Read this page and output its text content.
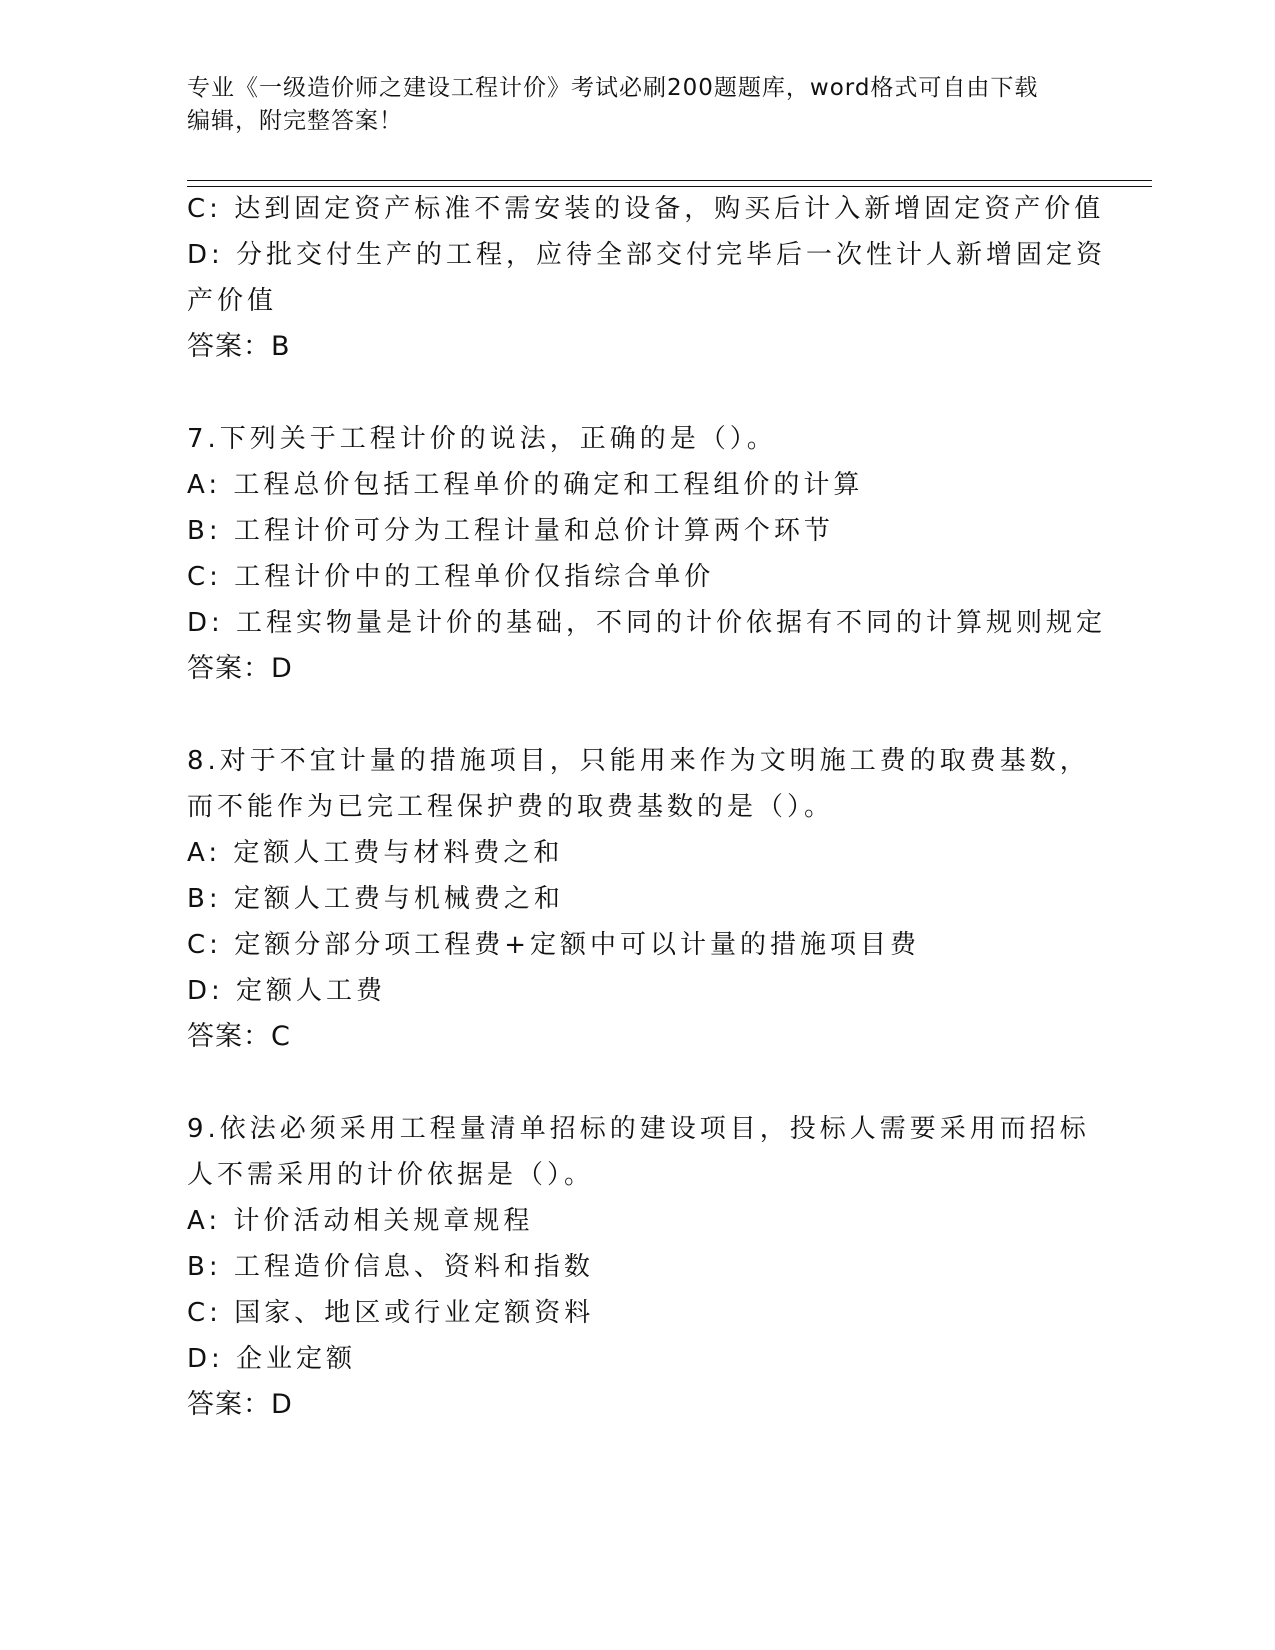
专业《一级造价师之建设工程计价》考试必刷200题题库，word格式可自由下载
编辑，附完整答案！
C: 达到固定资产标准不需安装的设备，购买后计入新增固定资产价值
D: 分批交付生产的工程，应待全部交付完毕后一次性计人新增固定资
产价值
答案：B
7.下列关于工程计价的说法，正确的是（）。
A: 工程总价包括工程单价的确定和工程组价的计算
B: 工程计价可分为工程计量和总价计算两个环节
C: 工程计价中的工程单价仅指综合单价
D: 工程实物量是计价的基础，不同的计价依据有不同的计算规则规定
答案：D
8.对于不宜计量的措施项目，只能用来作为文明施工费的取费基数，
而不能作为已完工程保护费的取费基数的是（）。
A: 定额人工费与材料费之和
B: 定额人工费与机械费之和
C: 定额分部分项工程费+定额中可以计量的措施项目费
D: 定额人工费
答案：C
9.依法必须采用工程量清单招标的建设项目，投标人需要采用而招标
人不需采用的计价依据是（）。
A: 计价活动相关规章规程
B: 工程造价信息、资料和指数
C: 国家、地区或行业定额资料
D: 企业定额
答案：D
